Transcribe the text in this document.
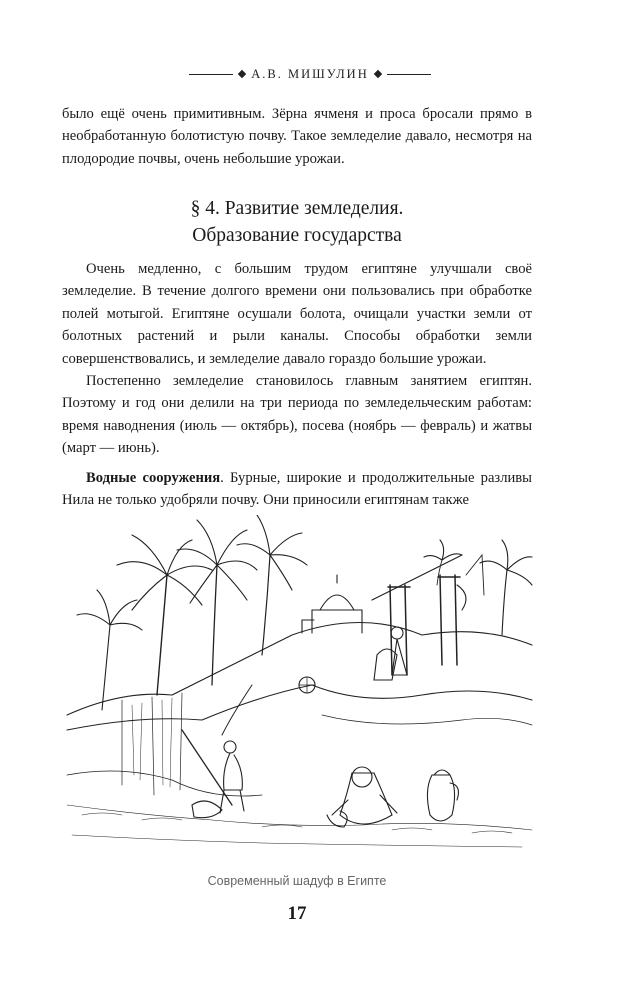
А.В. МИШУЛИН

было ещё очень примитивным. Зёрна ячменя и проса бросали прямо в необработанную болотистую почву. Такое земледелие давало, несмотря на плодородие почвы, очень небольшие урожаи.

§ 4. Развитие земледелия.
Образование государства

Очень медленно, с большим трудом египтяне улучшали своё земледелие. В течение долгого времени они пользовались при обработке полей мотыгой. Египтяне осушали болота, очищали участки земли от болотных растений и рыли каналы. Способы обработки земли совершенствовались, и земледелие давало гораздо большие урожаи.

Постепенно земледелие становилось главным занятием египтян. Поэтому и год они делили на три периода по земледельческим работам: время наводнения (июль — октябрь), посева (ноябрь — февраль) и жатвы (март — июнь).

Водные сооружения. Бурные, широкие и продолжительные разливы Нила не только удобряли почву. Они приносили египтянам также

Современный шадуф в Египте
17
